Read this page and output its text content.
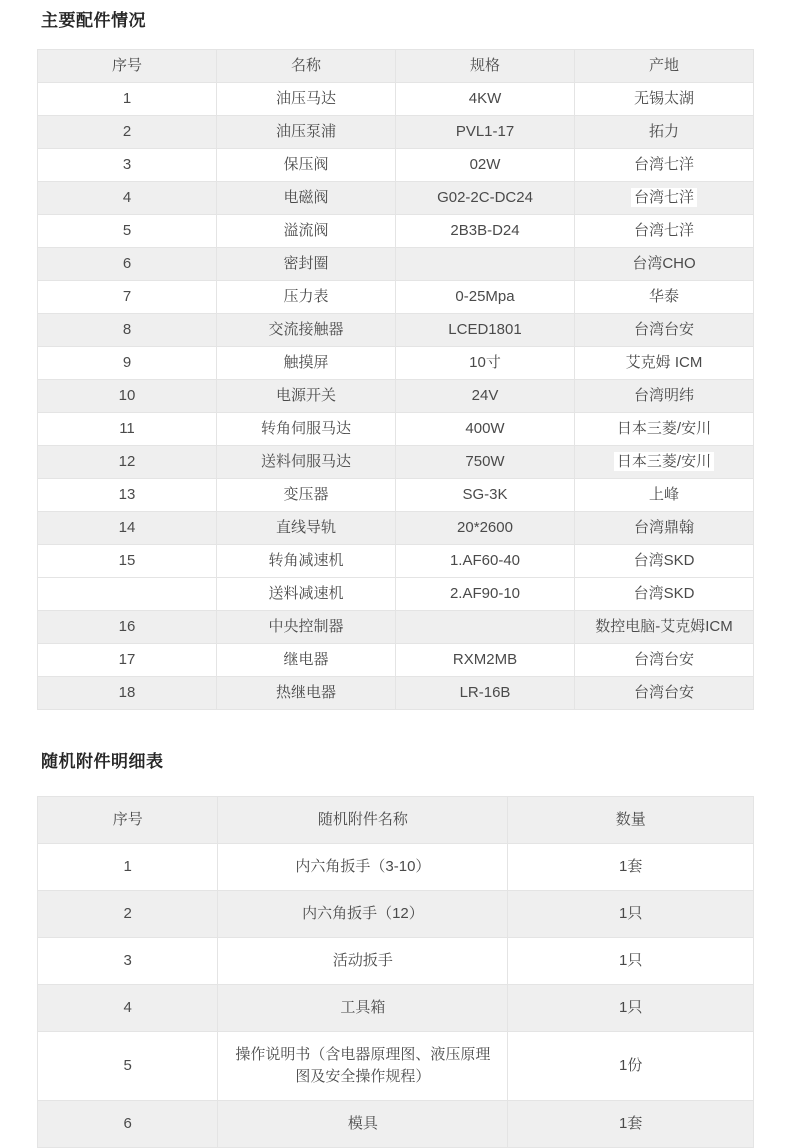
主要配件情况
序号	名称	规格	产地
1	油压马达	4KW	无锡太湖
2	油压泵浦	PVL1-17	拓力
3	保压阀	02W	台湾七洋
4	电磁阀	G02-2C-DC24	台湾七洋
5	溢流阀	2B3B-D24	台湾七洋
6	密封圈		台湾CHO
7	压力表	0-25Mpa	华泰
8	交流接触器	LCED1801	台湾台安
9	触摸屏	10寸	艾克姆 ICM
10	电源开关	24V	台湾明纬
11	转角伺服马达	400W	日本三菱/安川
12	送料伺服马达	750W	日本三菱/安川
13	变压器	SG-3K	上峰
14	直线导轨	20*2600	台湾鼎翰
15	转角减速机	1.AF60-40	台湾SKD
	送料减速机	2.AF90-10	台湾SKD
16	中央控制器		数控电脑-艾克姆ICM
17	继电器	RXM2MB	台湾台安
18	热继电器	LR-16B	台湾台安
随机附件明细表
序号	随机附件名称	数量
1	内六角扳手（3-10）	1套
2	内六角扳手（12）	1只
3	活动扳手	1只
4	工具箱	1只
5	操作说明书（含电器原理图、液压原理图及安全操作规程）	1份
6	模具	1套
